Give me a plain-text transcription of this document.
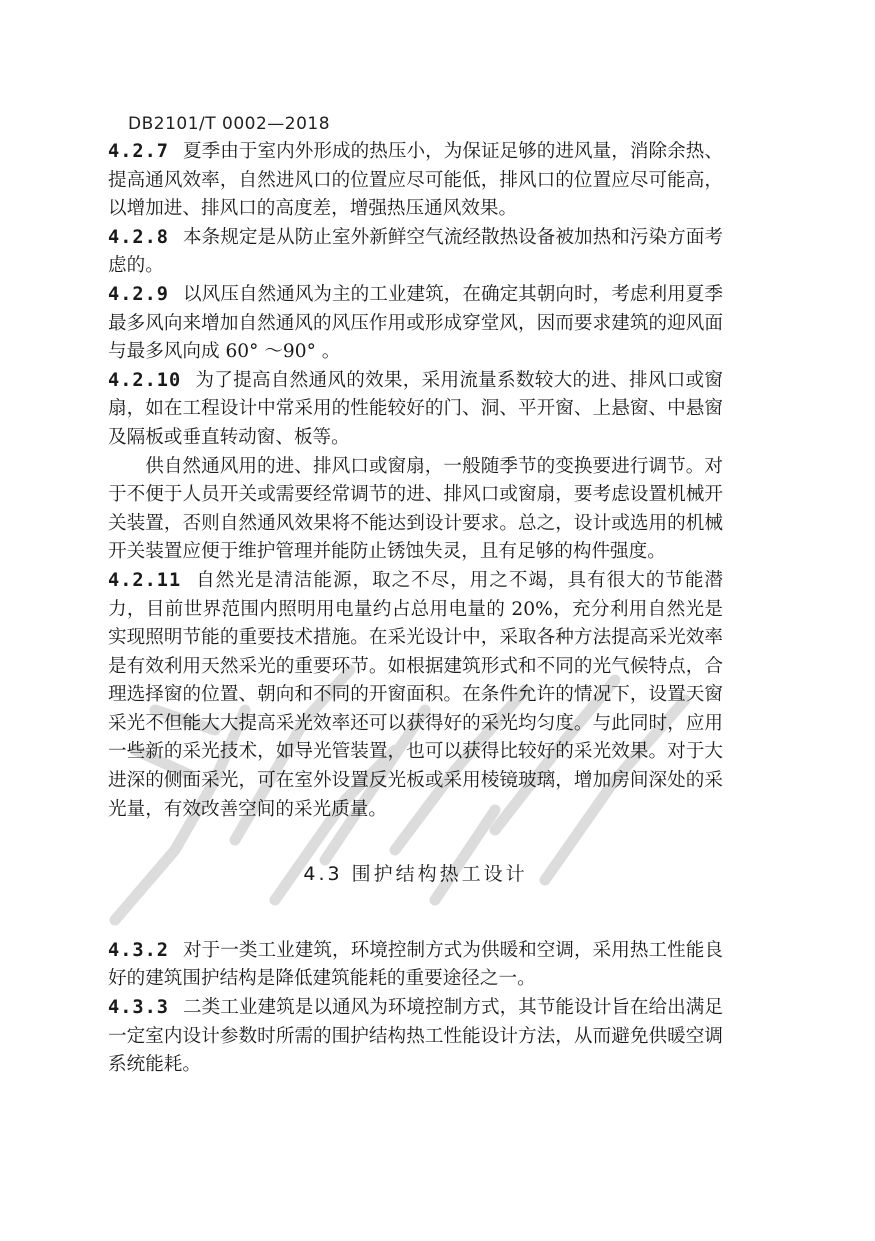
DB2101/T 0002—2018

4.2.7 夏季由于室内外形成的热压小，为保证足够的进风量，消除余热、提高通风效率，自然进风口的位置应尽可能低，排风口的位置应尽可能高，以增加进、排风口的高度差，增强热压通风效果。

4.2.8 本条规定是从防止室外新鲜空气流经散热设备被加热和污染方面考虑的。

4.2.9 以风压自然通风为主的工业建筑，在确定其朝向时，考虑利用夏季最多风向来增加自然通风的风压作用或形成穿堂风，因而要求建筑的迎风面与最多风向成 60° ～90° 。

4.2.10 为了提高自然通风的效果，采用流量系数较大的进、排风口或窗扇，如在工程设计中常采用的性能较好的门、洞、平开窗、上悬窗、中悬窗及隔板或垂直转动窗、板等。

供自然通风用的进、排风口或窗扇，一般随季节的变换要进行调节。对于不便于人员开关或需要经常调节的进、排风口或窗扇，要考虑设置机械开关装置，否则自然通风效果将不能达到设计要求。总之，设计或选用的机械开关装置应便于维护管理并能防止锈蚀失灵，且有足够的构件强度。

4.2.11 自然光是清洁能源，取之不尽，用之不竭，具有很大的节能潜力，目前世界范围内照明用电量约占总用电量的 20%，充分利用自然光是实现照明节能的重要技术措施。在采光设计中，采取各种方法提高采光效率是有效利用天然采光的重要环节。如根据建筑形式和不同的光气候特点，合理选择窗的位置、朝向和不同的开窗面积。在条件允许的情况下，设置天窗采光不但能大大提高采光效率还可以获得好的采光均匀度。与此同时，应用一些新的采光技术，如导光管装置，也可以获得比较好的采光效果。对于大进深的侧面采光，可在室外设置反光板或采用棱镜玻璃，增加房间深处的采光量，有效改善空间的采光质量。

4.3 围护结构热工设计

4.3.2 对于一类工业建筑，环境控制方式为供暖和空调，采用热工性能良好的建筑围护结构是降低建筑能耗的重要途径之一。

4.3.3 二类工业建筑是以通风为环境控制方式，其节能设计旨在给出满足一定室内设计参数时所需的围护结构热工性能设计方法，从而避免供暖空调系统能耗。
